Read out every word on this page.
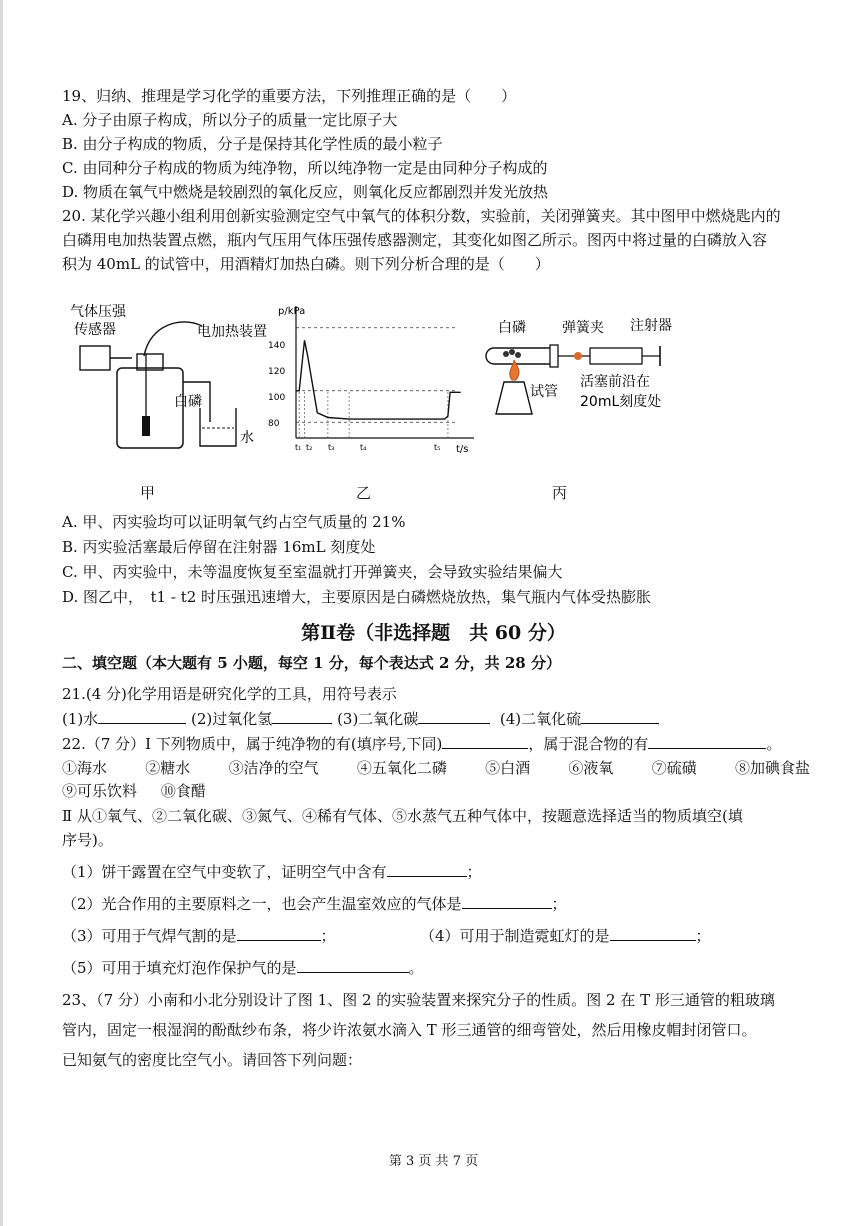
19、归纳、推理是学习化学的重要方法，下列推理正确的是（　　）
A. 分子由原子构成，所以分子的质量一定比原子大
B. 由分子构成的物质，分子是保持其化学性质的最小粒子
C. 由同种分子构成的物质为纯净物，所以纯净物一定是由同种分子构成的
D. 物质在氧气中燃烧是较剧烈的氧化反应，则氧化反应都剧烈并发光放热
20. 某化学兴趣小组利用创新实验测定空气中氧气的体积分数，实验前，关闭弹簧夹。其中图甲中燃烧匙内的
白磷用电加热装置点燃，瓶内气压用气体压强传感器测定，其变化如图乙所示。图丙中将过量的白磷放入容
积为 40mL 的试管中，用酒精灯加热白磷。则下列分析合理的是（　　）
气体压强
传感器	电加热装置
白磷
水
甲
p/kPa
t/s
140
120
100
80
t₁ t₂ t₃	t₄	t₅
乙
白磷	弹簧夹 注射器
试管
活塞前沿在
20mL刻度处
丙
A. 甲、丙实验均可以证明氧气约占空气质量的 21%
B. 丙实验活塞最后停留在注射器 16mL 刻度处
C. 甲、丙实验中，未等温度恢复至室温就打开弹簧夹，会导致实验结果偏大
D. 图乙中，　t1 - t2 时压强迅速增大，主要原因是白磷燃烧放热，集气瓶内气体受热膨胀
第Ⅱ卷（非选择题　共 60 分）
二、填空题（本大题有 5 小题，每空 1 分，每个表达式 2 分，共 28 分）
21.(4 分)化学用语是研究化学的工具，用符号表示
(1)水	(2)过氧化氢	(3)二氧化碳	(4)二氧化硫
22.（7 分）Ⅰ 下列物质中，属于纯净物的有(填序号,下同)	，属于混合物的有	。
①海水	②糖水	③洁净的空气	④五氧化二磷	⑤白酒	⑥液氧	⑦硫磺	⑧加碘食盐
⑨可乐饮料 ⑩食醋
Ⅱ 从①氧气、②二氧化碳、③氮气、④稀有气体、⑤水蒸气五种气体中，按题意选择适当的物质填空(填
序号)。
（1）饼干露置在空气中变软了，证明空气中含有	；
（2）光合作用的主要原料之一，也会产生温室效应的气体是	；
（3）可用于气焊气割的是	；	（4）可用于制造霓虹灯的是	；
（5）可用于填充灯泡作保护气的是	。
23、（7 分）小南和小北分别设计了图 1、图 2 的实验装置来探究分子的性质。图 2 在 T 形三通管的粗玻璃
管内，固定一根湿润的酚酞纱布条，将少许浓氨水滴入 T 形三通管的细弯管处，然后用橡皮帽封闭管口。
已知氨气的密度比空气小。请回答下列问题：
第 3 页 共 7 页
